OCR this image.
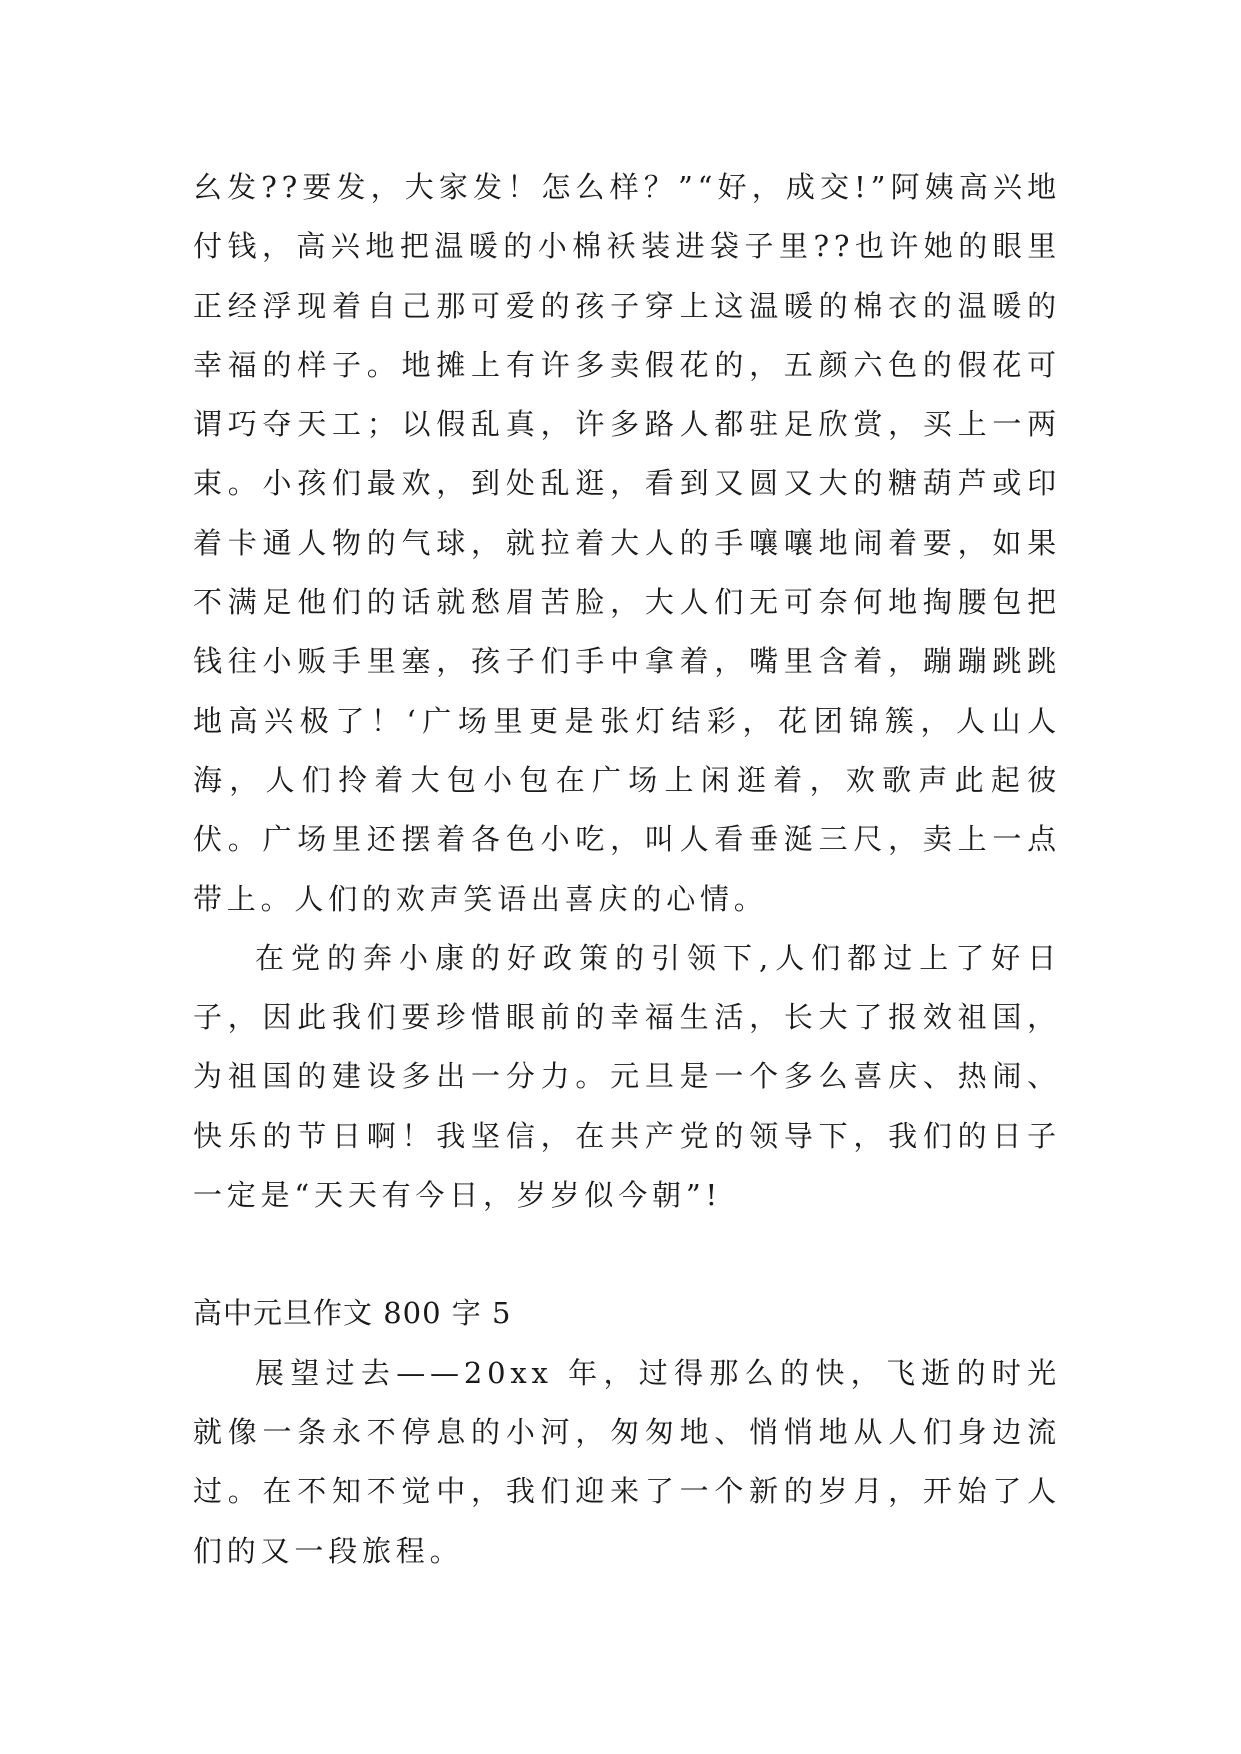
幺发??要发，大家发！怎么样？”“好，成交!”阿姨高兴地付钱，高兴地把温暖的小棉袄装进袋子里??也许她的眼里正经浮现着自己那可爱的孩子穿上这温暖的棉衣的温暖的幸福的样子。地摊上有许多卖假花的，五颜六色的假花可谓巧夺天工；以假乱真，许多路人都驻足欣赏，买上一两束。小孩们最欢，到处乱逛，看到又圆又大的糖葫芦或印着卡通人物的气球，就拉着大人的手嚷嚷地闹着要，如果不满足他们的话就愁眉苦脸，大人们无可奈何地掏腰包把钱往小贩手里塞，孩子们手中拿着，嘴里含着，蹦蹦跳跳地高兴极了！‘广场里更是张灯结彩，花团锦簇，人山人海，人们拎着大包小包在广场上闲逛着，欢歌声此起彼伏。广场里还摆着各色小吃，叫人看垂涎三尺，卖上一点带上。人们的欢声笑语出喜庆的心情。

在党的奔小康的好政策的引领下,人们都过上了好日子，因此我们要珍惜眼前的幸福生活，长大了报效祖国，为祖国的建设多出一分力。元旦是一个多么喜庆、热闹、快乐的节日啊！我坚信，在共产党的领导下，我们的日子一定是“天天有今日，岁岁似今朝”!

高中元旦作文 800 字 5

展望过去——20xx 年，过得那么的快，飞逝的时光就像一条永不停息的小河，匆匆地、悄悄地从人们身边流过。在不知不觉中，我们迎来了一个新的岁月，开始了人们的又一段旅程。
